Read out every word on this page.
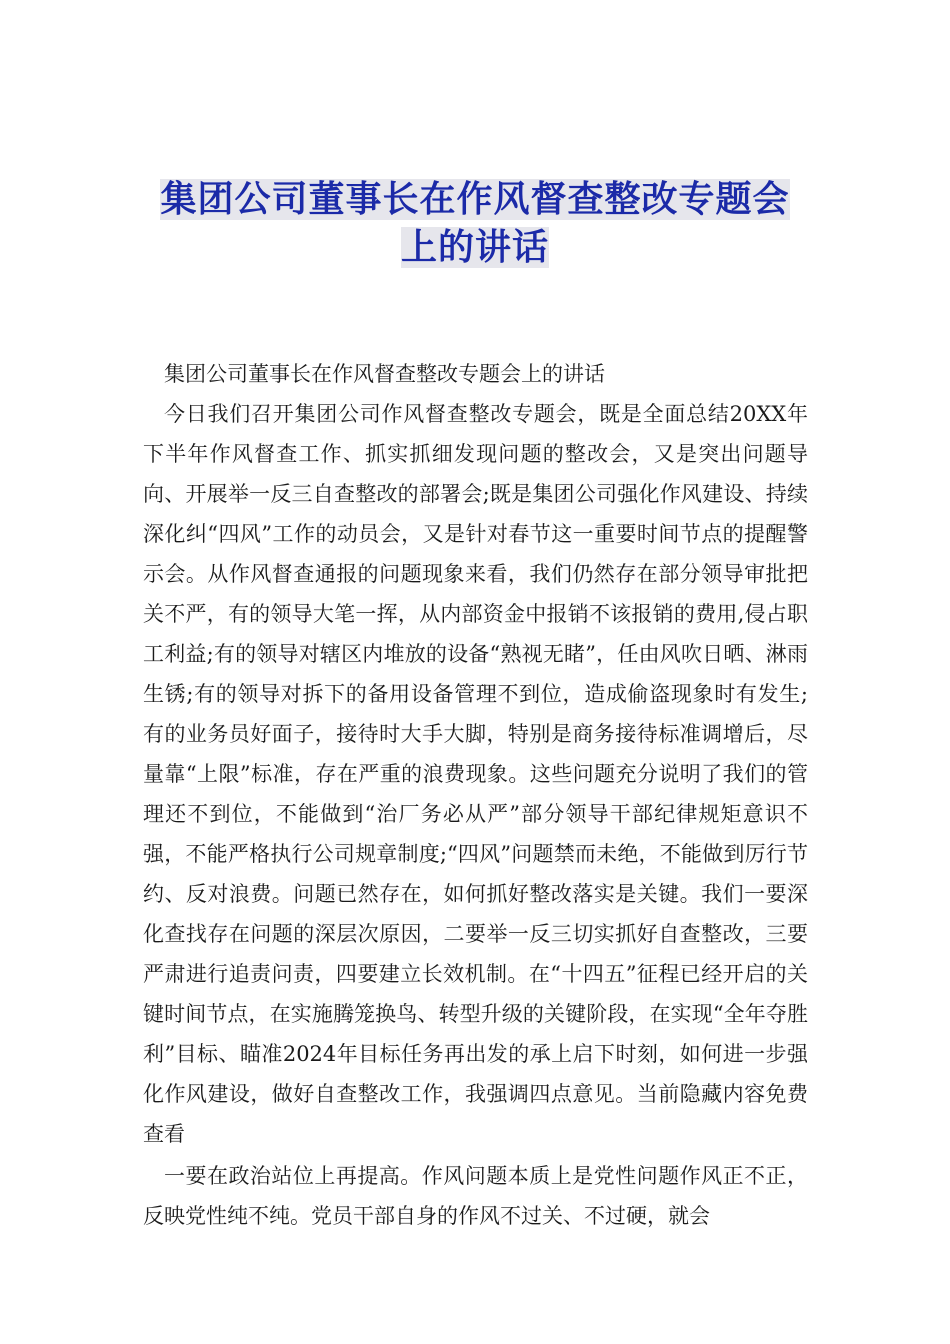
集团公司董事长在作风督查整改专题会
上的讲话

集团公司董事长在作风督查整改专题会上的讲话

今日我们召开集团公司作风督查整改专题会，既是全面总结20XX年下半年作风督查工作、抓实抓细发现问题的整改会，又是突出问题导向、开展举一反三自查整改的部署会;既是集团公司强化作风建设、持续深化纠“四风”工作的动员会，又是针对春节这一重要时间节点的提醒警示会。从作风督查通报的问题现象来看，我们仍然存在部分领导审批把关不严，有的领导大笔一挥，从内部资金中报销不该报销的费用,侵占职工利益;有的领导对辖区内堆放的设备“熟视无睹”，任由风吹日晒、淋雨生锈;有的领导对拆下的备用设备管理不到位，造成偷盗现象时有发生;有的业务员好面子，接待时大手大脚，特别是商务接待标准调增后，尽量靠“上限”标准，存在严重的浪费现象。这些问题充分说明了我们的管理还不到位，不能做到“治厂务必从严”部分领导干部纪律规矩意识不强，不能严格执行公司规章制度;“四风”问题禁而未绝，不能做到厉行节约、反对浪费。问题已然存在，如何抓好整改落实是关键。我们一要深化查找存在问题的深层次原因，二要举一反三切实抓好自查整改，三要严肃进行追责问责，四要建立长效机制。在“十四五”征程已经开启的关键时间节点，在实施腾笼换鸟、转型升级的关键阶段，在实现“全年夺胜利”目标、瞄准2024年目标任务再出发的承上启下时刻，如何进一步强化作风建设，做好自查整改工作，我强调四点意见。当前隐藏内容免费查看

一要在政治站位上再提高。作风问题本质上是党性问题作风正不正，反映党性纯不纯。党员干部自身的作风不过关、不过硬，就会
